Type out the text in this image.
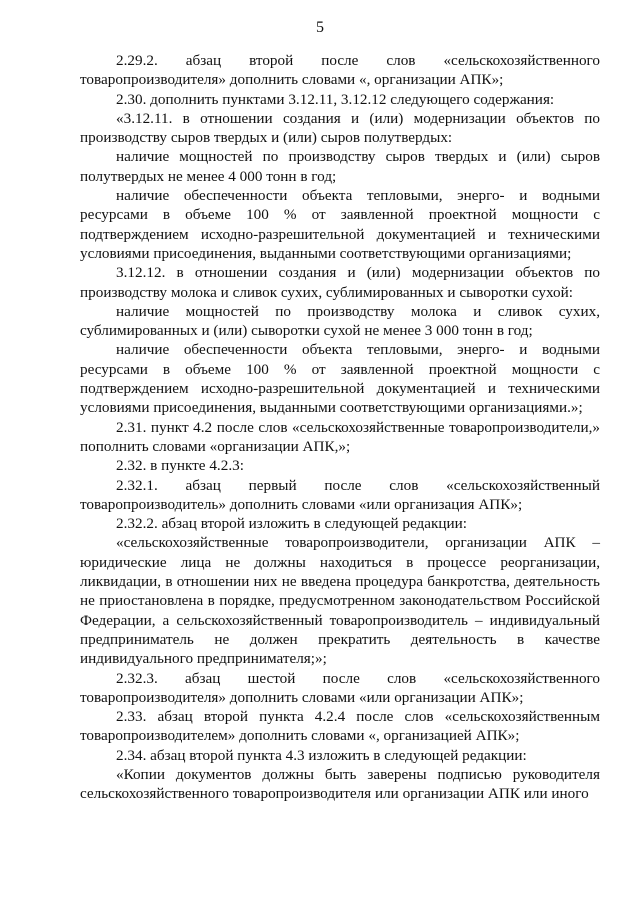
5

2.29.2. абзац второй после слов «сельскохозяйственного товаропроизводителя» дополнить словами «, организации АПК»;

2.30. дополнить пунктами 3.12.11, 3.12.12 следующего содержания:

«3.12.11. в отношении создания и (или) модернизации объектов по производству сыров твердых и (или) сыров полутвердых:

наличие мощностей по производству сыров твердых и (или) сыров полутвердых не менее 4 000 тонн в год;

наличие обеспеченности объекта тепловыми, энерго- и водными ресурсами в объеме 100 % от заявленной проектной мощности с подтверждением исходно-разрешительной документацией и техническими условиями присоединения, выданными соответствующими организациями;

3.12.12. в отношении создания и (или) модернизации объектов по производству молока и сливок сухих, сублимированных и сыворотки сухой:

наличие мощностей по производству молока и сливок сухих, сублимированных и (или) сыворотки сухой не менее 3 000 тонн в год;

наличие обеспеченности объекта тепловыми, энерго- и водными ресурсами в объеме 100 % от заявленной проектной мощности с подтверждением исходно-разрешительной документацией и техническими условиями присоединения, выданными соответствующими организациями.»;

2.31. пункт 4.2 после слов «сельскохозяйственные товаропроизводители,» пополнить словами «организации АПК,»;

2.32. в пункте 4.2.3:

2.32.1. абзац первый после слов «сельскохозяйственный товаропроизводитель» дополнить словами «или организация АПК»;

2.32.2. абзац второй изложить в следующей редакции:

«сельскохозяйственные товаропроизводители, организации АПК – юридические лица не должны находиться в процессе реорганизации, ликвидации, в отношении них не введена процедура банкротства, деятельность не приостановлена в порядке, предусмотренном законодательством Российской Федерации, а сельскохозяйственный товаропроизводитель – индивидуальный предприниматель не должен прекратить деятельность в качестве индивидуального предпринимателя;»;

2.32.3. абзац шестой после слов «сельскохозяйственного товаропроизводителя» дополнить словами «или организации АПК»;

2.33. абзац второй пункта 4.2.4 после слов «сельскохозяйственным товаропроизводителем» дополнить словами «, организацией АПК»;

2.34. абзац второй пункта 4.3 изложить в следующей редакции:

«Копии документов должны быть заверены подписью руководителя сельскохозяйственного товаропроизводителя или организации АПК или иного
